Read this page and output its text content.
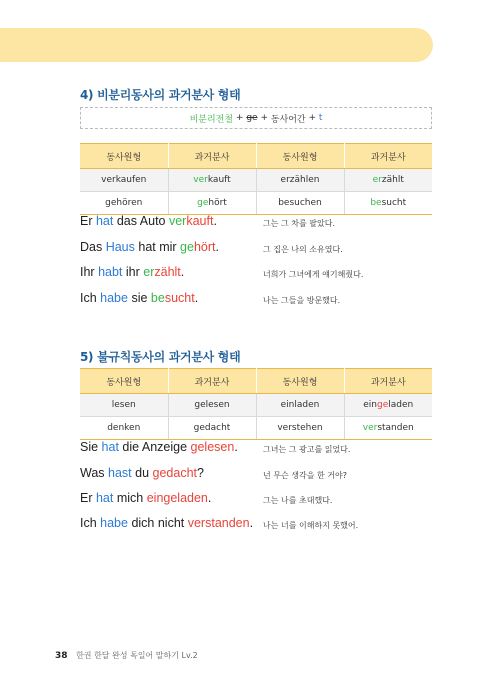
4) 비분리동사의 과거분사 형태
비분리전철 + ge + 동사어간 + t
동사원형	과거분사	동사원형	과거분사
verkaufen	verkauft	erzählen	erzählt
gehören	gehört	besuchen	besucht
Er hat das Auto verkauft.	그는 그 차를 팔았다.
Das Haus hat mir gehört.	그 집은 나의 소유였다.
Ihr habt ihr erzählt.	너희가 그녀에게 얘기해줬다.
Ich habe sie besucht.	나는 그들을 방문했다.
5) 불규칙동사의 과거분사 형태
동사원형	과거분사	동사원형	과거분사
lesen	gelesen	einladen	eingeladen
denken	gedacht	verstehen	verstanden
Sie hat die Anzeige gelesen.	그녀는 그 광고를 읽었다.
Was hast du gedacht?	넌 무슨 생각을 한 거야?
Er hat mich eingeladen.	그는 나를 초대했다.
Ich habe dich nicht verstanden. 나는 너를 이해하지 못했어.
38 한권 한달 완성 독일어 말하기 Lv.2
